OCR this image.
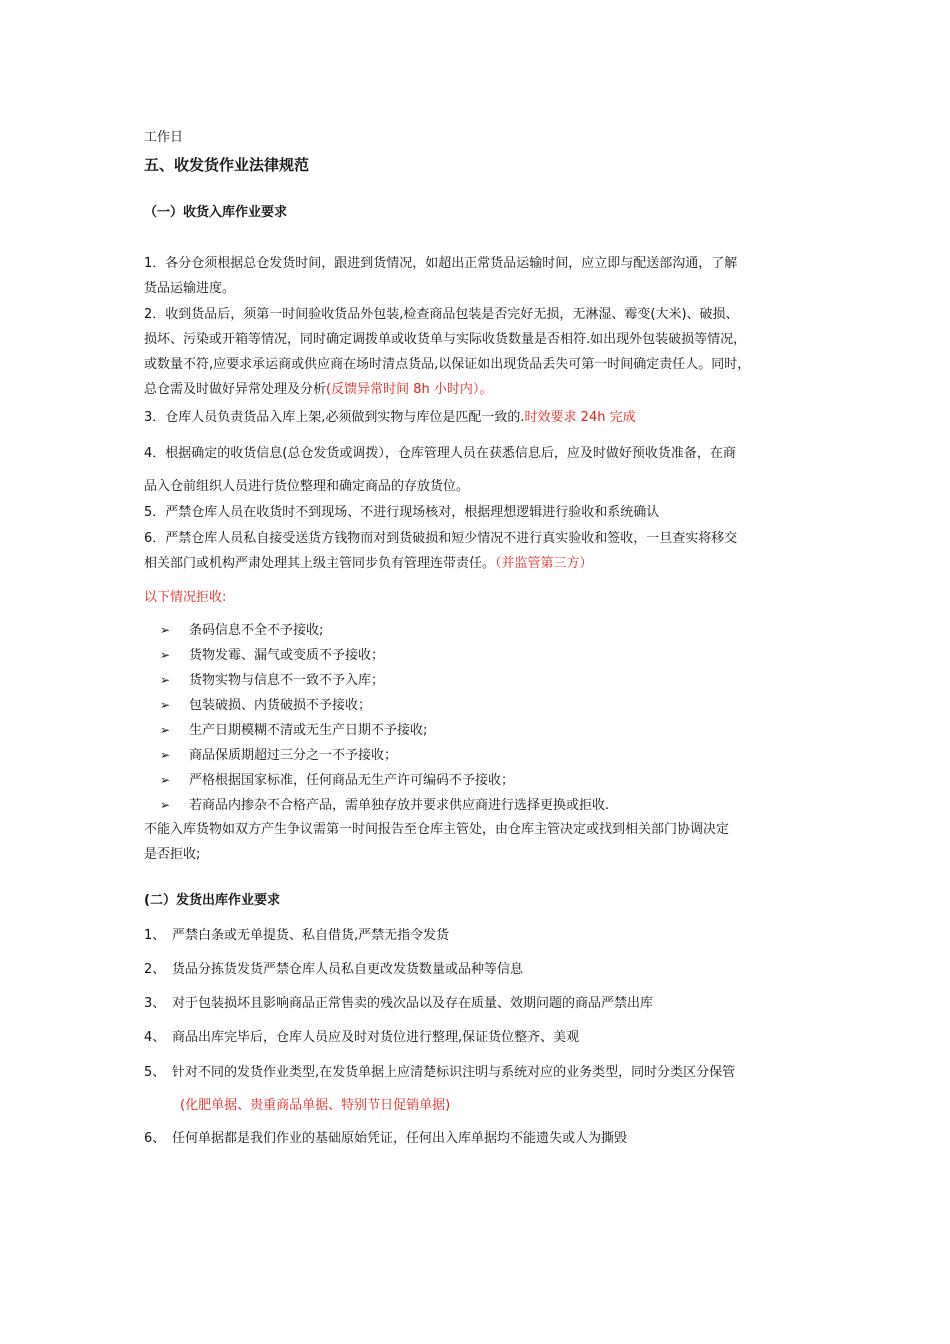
工作日
五、收发货作业法律规范
（一）收货入库作业要求
1．各分仓须根据总仓发货时间，跟进到货情况，如超出正常货品运输时间，应立即与配送部沟通，了解
货品运输进度。
2．收到货品后，须第一时间验收货品外包装,检查商品包装是否完好无损，无淋湿、霉变(大米)、破损、
损坏、污染或开箱等情况，同时确定调拨单或收货单与实际收货数量是否相符.如出现外包装破损等情况，
或数量不符,应要求承运商或供应商在场时清点货品,以保证如出现货品丢失可第一时间确定责任人。同时，
总仓需及时做好异常处理及分析(反馈异常时间 8h 小时内）。
3．仓库人员负责货品入库上架,必须做到实物与库位是匹配一致的.时效要求 24h 完成
4．根据确定的收货信息(总仓发货或调拨），仓库管理人员在获悉信息后，应及时做好预收货准备，在商
品入仓前组织人员进行货位整理和确定商品的存放货位。
5．严禁仓库人员在收货时不到现场、不进行现场核对，根据理想逻辑进行验收和系统确认
6．严禁仓库人员私自接受送货方钱物而对到货破损和短少情况不进行真实验收和签收，一旦查实将移交
相关部门或机构严肃处理其上级主管同步负有管理连带责任。（并监管第三方）
以下情况拒收:
➢ 条码信息不全不予接收;
➢ 货物发霉、漏气或变质不予接收；
➢ 货物实物与信息不一致不予入库；
➢ 包装破损、内货破损不予接收；
➢ 生产日期模糊不清或无生产日期不予接收;
➢ 商品保质期超过三分之一不予接收；
➢ 严格根据国家标准，任何商品无生产许可编码不予接收；
➢ 若商品内掺杂不合格产品，需单独存放并要求供应商进行选择更换或拒收.
不能入库货物如双方产生争议需第一时间报告至仓库主管处，由仓库主管决定或找到相关部门协调决定
是否拒收;
(二）发货出库作业要求
1、 严禁白条或无单提货、私自借货,严禁无指令发货
2、 货品分拣货发货严禁仓库人员私自更改发货数量或品种等信息
3、 对于包装损坏且影响商品正常售卖的残次品以及存在质量、效期问题的商品严禁出库
4、 商品出库完毕后，仓库人员应及时对货位进行整理,保证货位整齐、美观
5、 针对不同的发货作业类型,在发货单据上应清楚标识注明与系统对应的业务类型，同时分类区分保管
(化肥单据、贵重商品单据、特别节日促销单据)
6、 任何单据都是我们作业的基础原始凭证，任何出入库单据均不能遗失或人为撕毁
